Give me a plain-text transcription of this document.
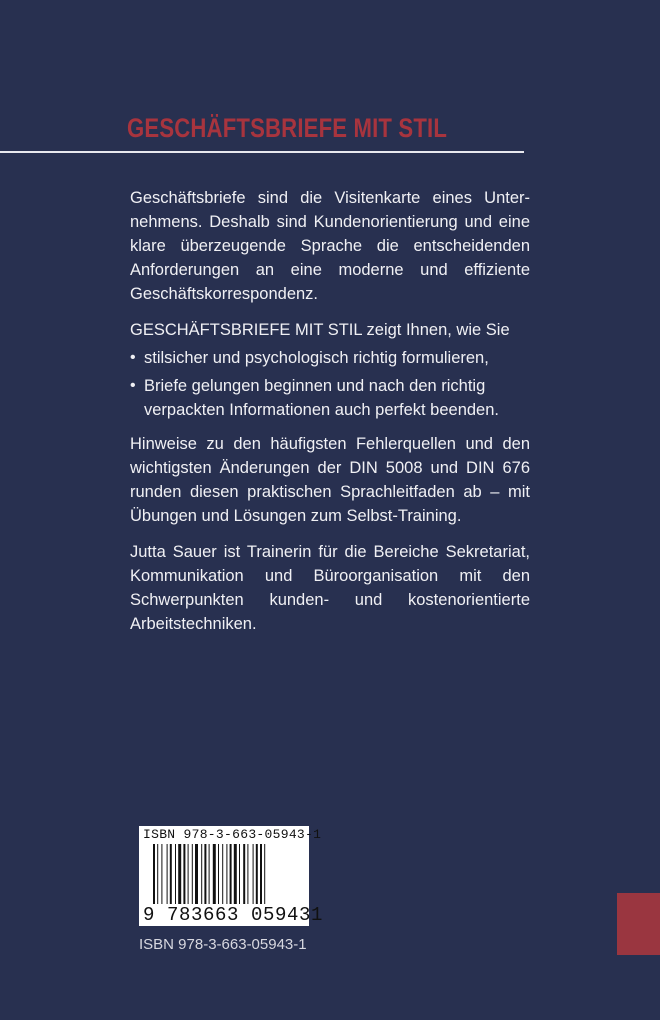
GESCHÄFTSBRIEFE MIT STIL

Geschäftsbriefe sind die Visitenkarte eines Unternehmens. Deshalb sind Kundenorientierung und eine klare überzeugende Sprache die entscheidenden Anforderungen an eine moderne und effiziente Geschäftskorrespondenz.

GESCHÄFTSBRIEFE MIT STIL zeigt Ihnen, wie Sie

• stilsicher und psychologisch richtig formulieren,
• Briefe gelungen beginnen und nach den richtig verpackten Informationen auch perfekt beenden.

Hinweise zu den häufigsten Fehlerquellen und den wichtigsten Änderungen der DIN 5008 und DIN 676 runden diesen praktischen Sprachleitfaden ab – mit Übungen und Lösungen zum Selbst-Training.

Jutta Sauer ist Trainerin für die Bereiche Sekretariat, Kommunikation und Büroorganisation mit den Schwerpunkten kunden- und kostenorientierte Arbeitstechniken.

ISBN 978-3-663-05943-1
9 783663 059431
ISBN 978-3-663-05943-1
